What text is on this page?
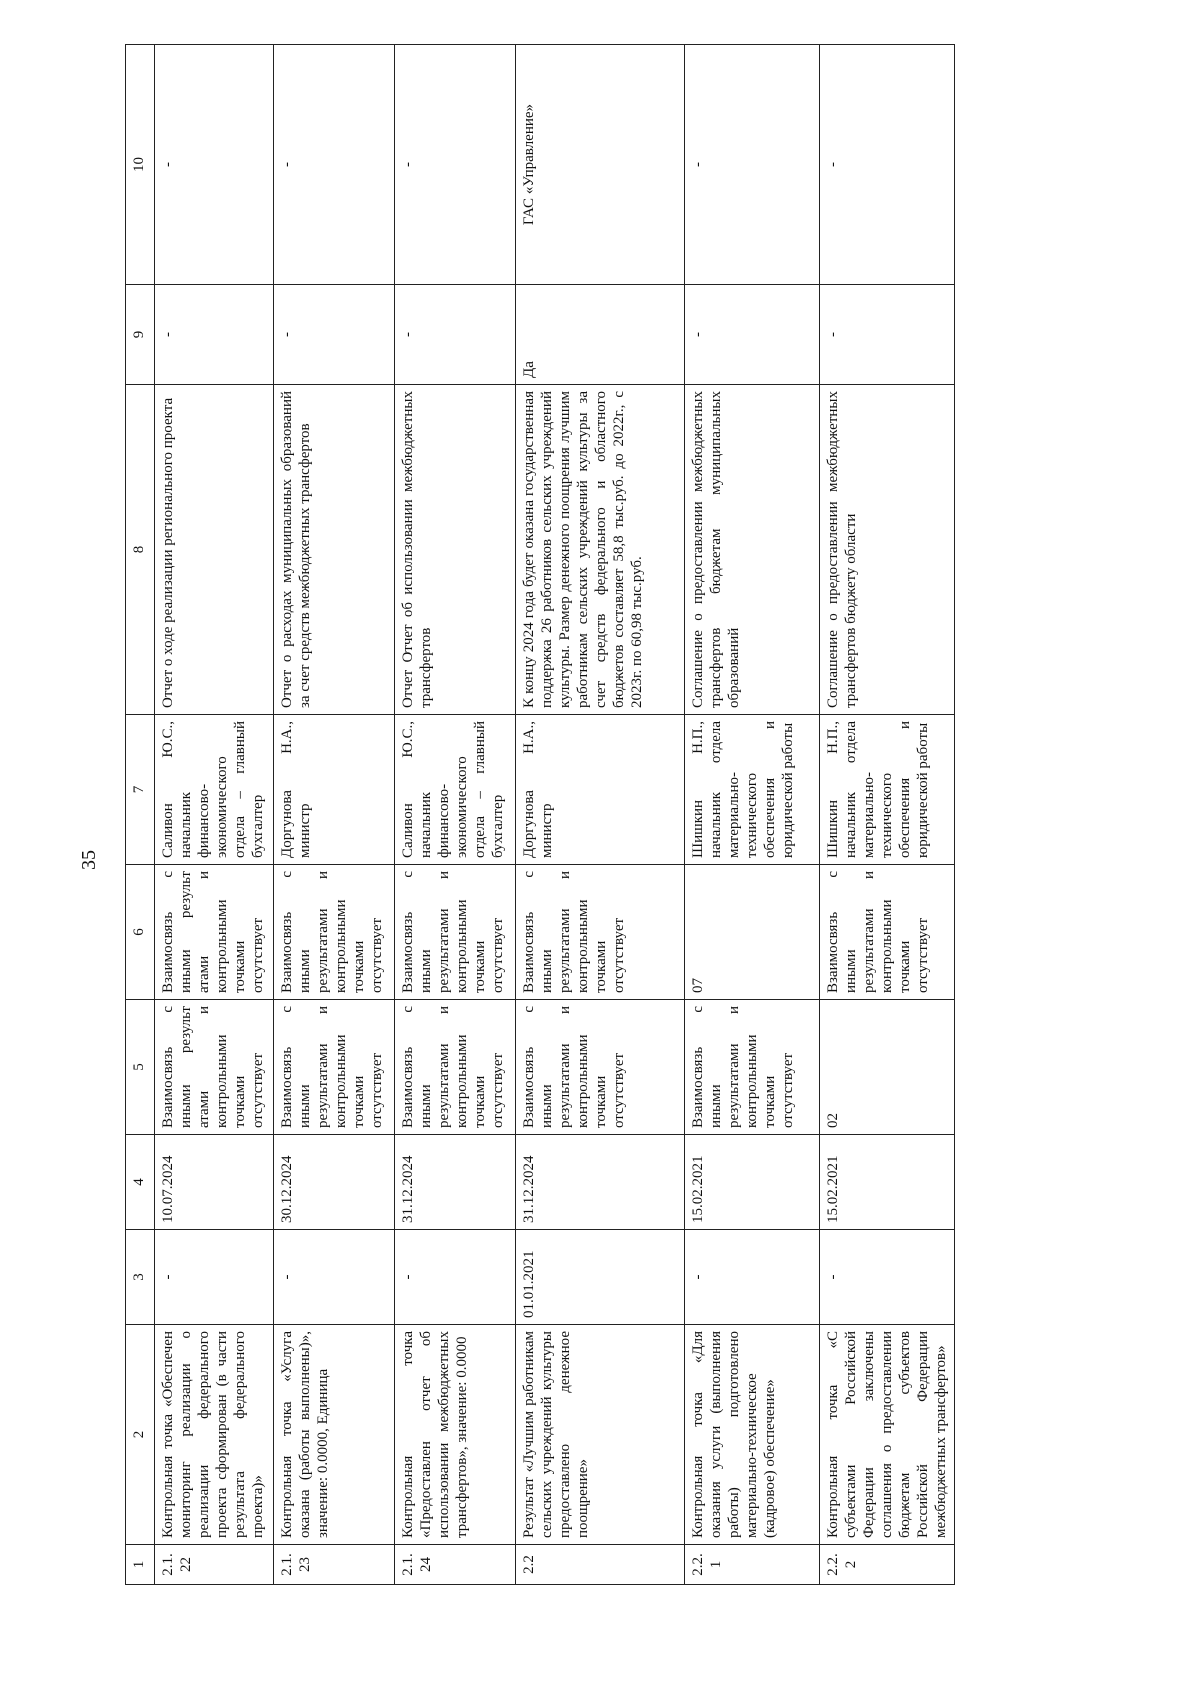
35
1	2	3	4	5	6	7	8	9	10
2.1.22	Контрольная точка «Обеспечен мониторинг реализации о реализации федерального проекта сформирован (в части результата федерального проекта)»	-	10.07.2024	Взаимосвязь с иными результ атами и контрольными точками отсутствует	Взаимосвязь с иными результ атами и контрольными точками отсутствует	Саливон Ю.С., начальник финансово-экономического отдела – главный бухгалтер	Отчет о ходе реализации регионального проекта	-	-
2.1.23	Контрольная точка «Услуга оказана (работы выполнены)», значение: 0.0000, Единица	-	30.12.2024	Взаимосвязь с иными результатами и контрольными точками отсутствует	Взаимосвязь с иными результатами и контрольными точками отсутствует	Доргунова Н.А., министр	Отчет о расходах муниципальных образований за счет средств межбюджетных трансфертов	-	-
2.1.24	Контрольная точка «Предоставлен отчет об использовании межбюджетных трансфертов», значение: 0.0000	-	31.12.2024	Взаимосвязь с иными результатами и контрольными точками отсутствует	Взаимосвязь с иными результатами и контрольными точками отсутствует	Саливон Ю.С., начальник финансово-экономического отдела – главный бухгалтер	Отчет Отчет об использовании межбюджетных трансфертов	-	-
2.2	Результат «Лучшим работникам сельских учреждений культуры предоставлено денежное поощрение»	01.01.2021	31.12.2024	Взаимосвязь с иными результатами и контрольными точками отсутствует	Взаимосвязь с иными результатами и контрольными точками отсутствует	Доргунова Н.А., министр	К концу 2024 года будет оказана государственная поддержка 26 работников сельских учреждений культуры. Размер денежного поощрения лучшим работникам сельских учреждений культуры за счет средств федерального и областного бюджетов составляет 58,8 тыс.руб. до 2022г., с 2023г. по 60,98 тыс.руб.	Да	ГАС «Управление»
2.2.1	Контрольная точка «Для оказания услуги (выполнения работы) подготовлено материально-техническое (кадровое) обеспечение»	-	15.02.2021	Взаимосвязь с иными результатами и контрольными точками отсутствует	07	Шишкин Н.П., начальник отдела материально-технического обеспечения и юридической работы	Соглашение о предоставлении межбюджетных трансфертов бюджетам муниципальных образований	-	-
2.2.2	Контрольная точка «С субъектами Российской Федерации заключены соглашения о предоставлении бюджетам субъектов Российской Федерации межбюджетных трансфертов»	-	15.02.2021	02	Взаимосвязь с иными результатами и контрольными точками отсутствует	Шишкин Н.П., начальник отдела материально-технического обеспечения и юридической работы	Соглашение о предоставлении межбюджетных трансфертов бюджету области	-	-
